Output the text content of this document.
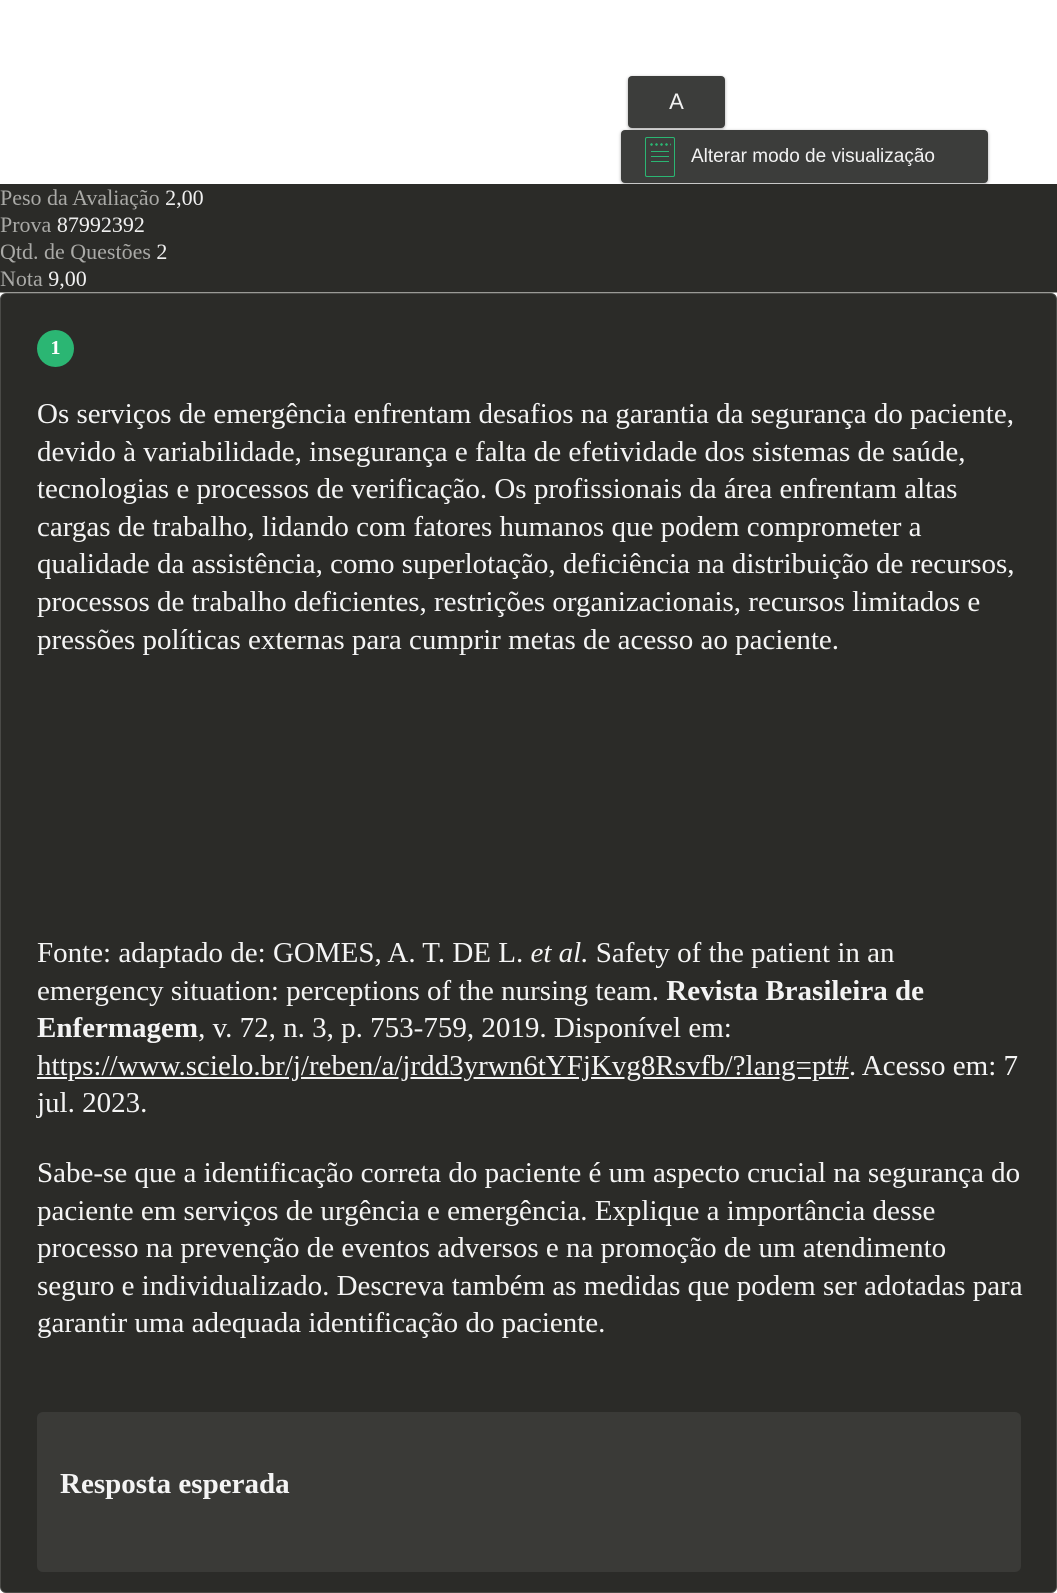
A
Alterar modo de visualização
Peso da Avaliação 2,00
Prova 87992392
Qtd. de Questões 2
Nota 9,00
1

Os serviços de emergência enfrentam desafios na garantia da segurança do paciente, devido à variabilidade, insegurança e falta de efetividade dos sistemas de saúde, tecnologias e processos de verificação. Os profissionais da área enfrentam altas cargas de trabalho, lidando com fatores humanos que podem comprometer a qualidade da assistência, como superlotação, deficiência na distribuição de recursos, processos de trabalho deficientes, restrições organizacionais, recursos limitados e pressões políticas externas para cumprir metas de acesso ao paciente.

Fonte: adaptado de: GOMES, A. T. DE L. et al. Safety of the patient in an emergency situation: perceptions of the nursing team. Revista Brasileira de Enfermagem, v. 72, n. 3, p. 753-759, 2019. Disponível em: https://www.scielo.br/j/reben/a/jrdd3yrwn6tYFjKvg8Rsvfb/?lang=pt#. Acesso em: 7 jul. 2023.

Sabe-se que a identificação correta do paciente é um aspecto crucial na segurança do paciente em serviços de urgência e emergência. Explique a importância desse processo na prevenção de eventos adversos e na promoção de um atendimento seguro e individualizado. Descreva também as medidas que podem ser adotadas para garantir uma adequada identificação do paciente.

Resposta esperada
